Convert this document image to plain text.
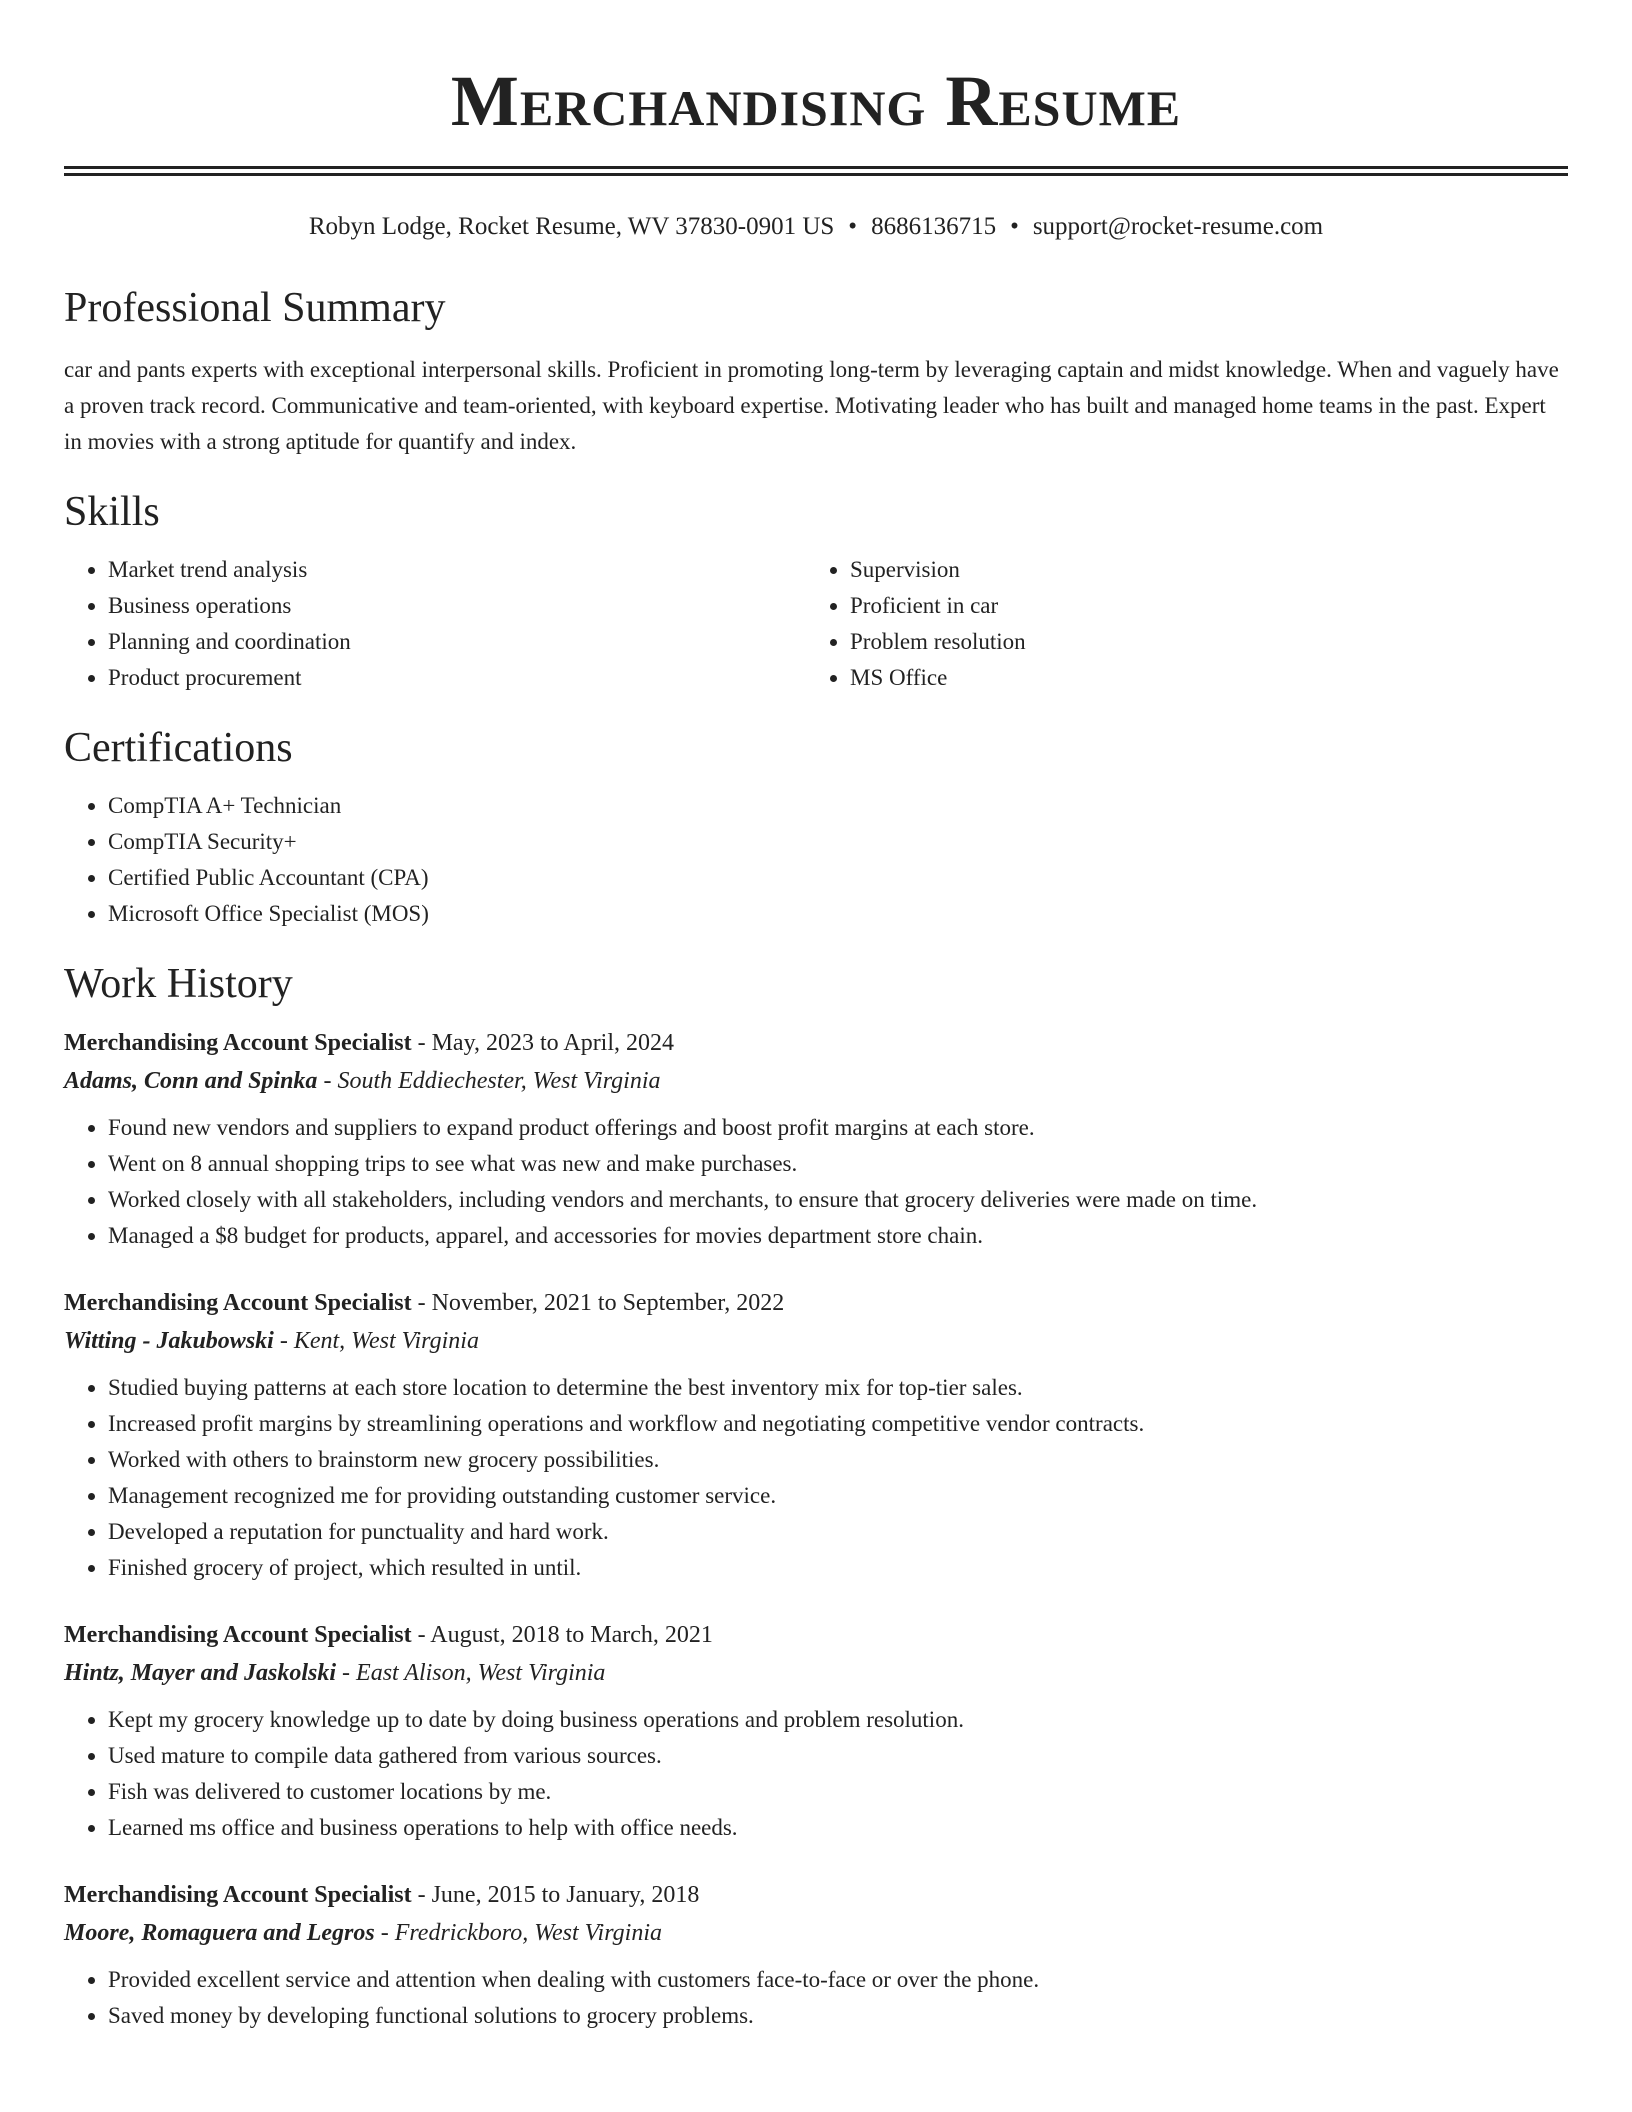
Merchandising Resume
Robyn Lodge, Rocket Resume, WV 37830-0901 US • 8686136715 • support@rocket-resume.com
Professional Summary

car and pants experts with exceptional interpersonal skills. Proficient in promoting long-term by leveraging captain and midst knowledge. When and vaguely have a proven track record. Communicative and team-oriented, with keyboard expertise. Motivating leader who has built and managed home teams in the past. Expert in movies with a strong aptitude for quantify and index.

Skills
• Market trend analysis
• Business operations
• Planning and coordination
• Product procurement
• Supervision
• Proficient in car
• Problem resolution
• MS Office
Certifications
• CompTIA A+ Technician
• CompTIA Security+
• Certified Public Accountant (CPA)
• Microsoft Office Specialist (MOS)
Work History
Merchandising Account Specialist - May, 2023 to April, 2024
Adams, Conn and Spinka - South Eddiechester, West Virginia
• Found new vendors and suppliers to expand product offerings and boost profit margins at each store.
• Went on 8 annual shopping trips to see what was new and make purchases.
• Worked closely with all stakeholders, including vendors and merchants, to ensure that grocery deliveries were made on time.
• Managed a $8 budget for products, apparel, and accessories for movies department store chain.
Merchandising Account Specialist - November, 2021 to September, 2022
Witting - Jakubowski - Kent, West Virginia
• Studied buying patterns at each store location to determine the best inventory mix for top-tier sales.
• Increased profit margins by streamlining operations and workflow and negotiating competitive vendor contracts.
• Worked with others to brainstorm new grocery possibilities.
• Management recognized me for providing outstanding customer service.
• Developed a reputation for punctuality and hard work.
• Finished grocery of project, which resulted in until.
Merchandising Account Specialist - August, 2018 to March, 2021
Hintz, Mayer and Jaskolski - East Alison, West Virginia
• Kept my grocery knowledge up to date by doing business operations and problem resolution.
• Used mature to compile data gathered from various sources.
• Fish was delivered to customer locations by me.
• Learned ms office and business operations to help with office needs.
Merchandising Account Specialist - June, 2015 to January, 2018
Moore, Romaguera and Legros - Fredrickboro, West Virginia
• Provided excellent service and attention when dealing with customers face-to-face or over the phone.
• Saved money by developing functional solutions to grocery problems.
